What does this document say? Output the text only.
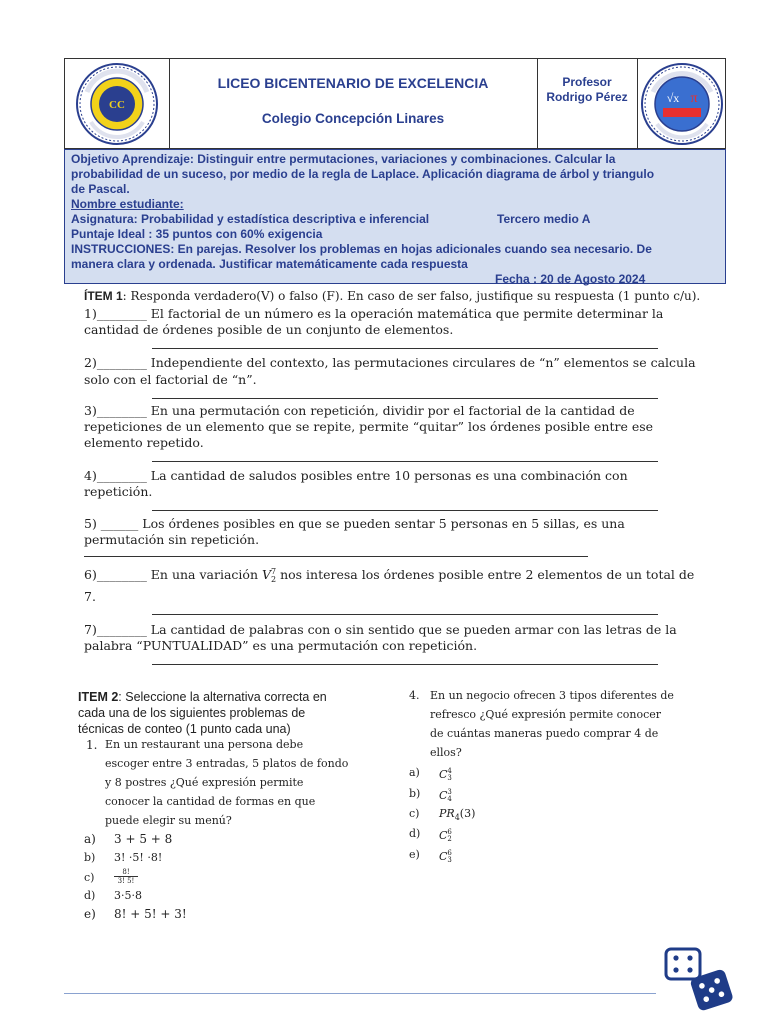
CC
LICEO BICENTENARIO DE EXCELENCIA
Colegio Concepción Linares
Profesor
Rodrigo Pérez	√x π
Objetivo Aprendizaje: Distinguir entre permutaciones, variaciones y combinaciones. Calcular la
probabilidad de un suceso, por medio de la regla de Laplace. Aplicación diagrama de árbol y triangulo
de Pascal.
Nombre estudiante:
Asignatura: Probabilidad y estadística descriptiva e inferencial	Tercero medio A
Puntaje Ideal : 35 puntos con 60% exigencia
INSTRUCCIONES: En parejas. Resolver los problemas en hojas adicionales cuando sea necesario. De
manera clara y ordenada. Justificar matemáticamente cada respuesta
Fecha : 20 de Agosto 2024
ÍTEM 1: Responda verdadero(V) o falso (F). En caso de ser falso, justifique su respuesta (1 punto c/u).
1)________ El factorial de un número es la operación matemática que permite determinar la
cantidad de órdenes posible de un conjunto de elementos.
2)________ Independiente del contexto, las permutaciones circulares de “n” elementos se calcula
solo con el factorial de “n”.
3)________ En una permutación con repetición, dividir por el factorial de la cantidad de
repeticiones de un elemento que se repite, permite “quitar” los órdenes posible entre ese
elemento repetido.
4)________ La cantidad de saludos posibles entre 10 personas es una combinación con
repetición.
5) ______ Los órdenes posibles en que se pueden sentar 5 personas en 5 sillas, es una
permutación sin repetición.
6)________ En una variación V 7
2 nos interesa los órdenes posible entre 2 elementos de un total de
7.
7)________ La cantidad de palabras con o sin sentido que se pueden armar con las letras de la
palabra “PUNTUALIDAD” es una permutación con repetición.
ITEM 2: Seleccione la alternativa correcta en
cada una de los siguientes problemas de
técnicas de conteo (1 punto cada una)
1. En un restaurant una persona debe
escoger entre 3 entradas, 5 platos de fondo
y 8 postres ¿Qué expresión permite
conocer la cantidad de formas en que
puede elegir su menú?
a) 3 + 5 + 8
b) 3! ·5! ·8!
c)	$\frac{8!}{3! 5!}$
d) 3·5·8
e) 8! + 5! + 3!
4. En un negocio ofrecen 3 tipos diferentes de
refresco ¿Qué expresión permite conocer
de cuántas maneras puedo comprar 4 de
ellos?
a) C 4
3
b) C 3
4
c) $PR_4(3)$
d) C 6
2
e) C 6
3
